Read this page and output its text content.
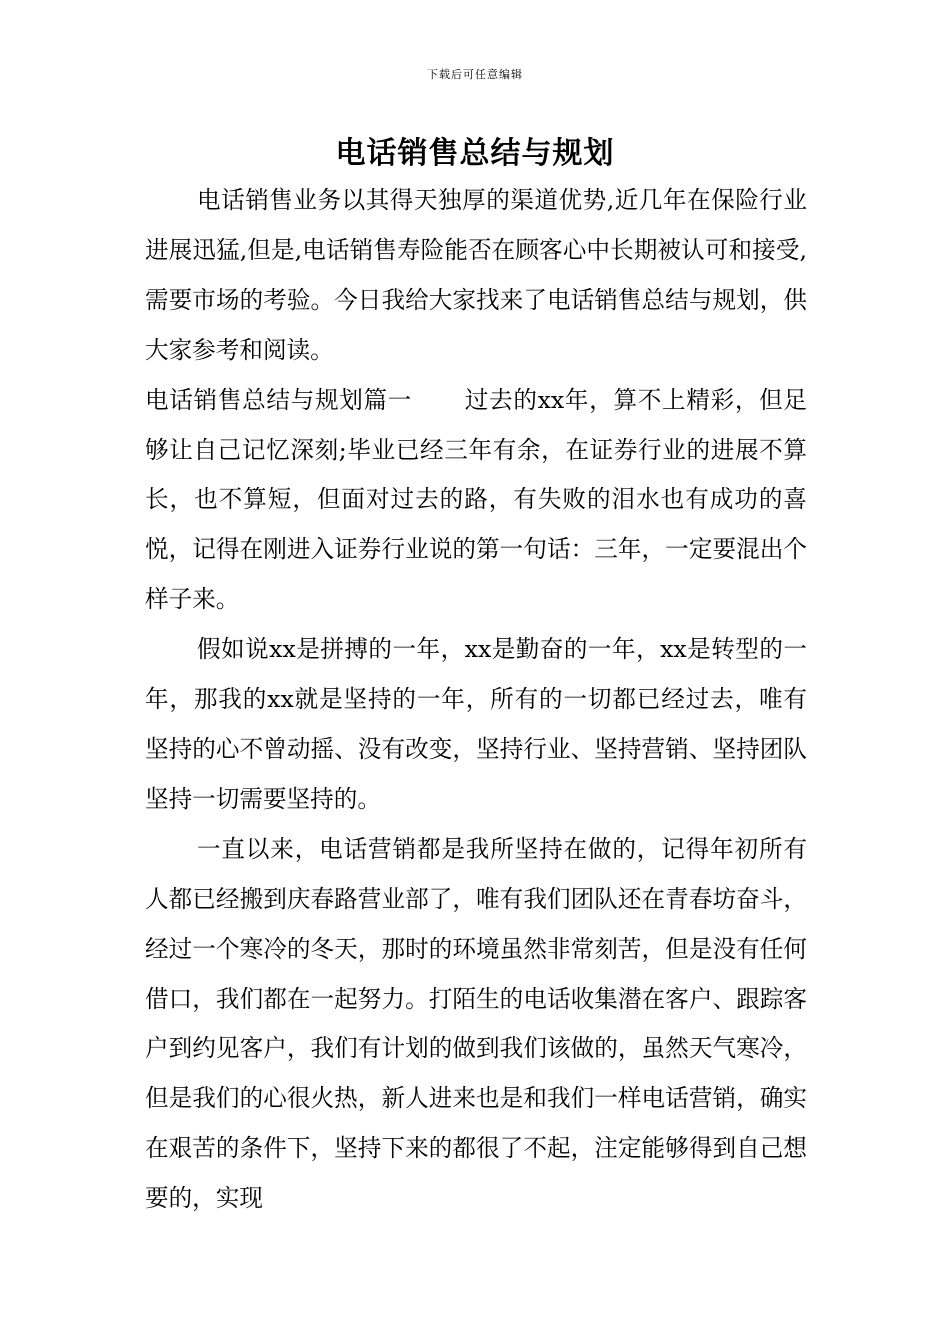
下载后可任意编辑
电话销售总结与规划

电话销售业务以其得天独厚的渠道优势,近几年在保险行业进展迅猛,但是,电话销售寿险能否在顾客心中长期被认可和接受,需要市场的考验。今日我给大家找来了电话销售总结与规划，供大家参考和阅读。

电话销售总结与规划篇一 过去的xx年，算不上精彩，但足够让自己记忆深刻;毕业已经三年有余，在证券行业的进展不算长，也不算短，但面对过去的路，有失败的泪水也有成功的喜悦，记得在刚进入证券行业说的第一句话：三年，一定要混出个样子来。

假如说xx是拼搏的一年，xx是勤奋的一年，xx是转型的一年，那我的xx就是坚持的一年，所有的一切都已经过去，唯有坚持的心不曾动摇、没有改变，坚持行业、坚持营销、坚持团队坚持一切需要坚持的。

一直以来，电话营销都是我所坚持在做的，记得年初所有人都已经搬到庆春路营业部了，唯有我们团队还在青春坊奋斗，经过一个寒冷的冬天，那时的环境虽然非常刻苦，但是没有任何借口，我们都在一起努力。打陌生的电话收集潜在客户、跟踪客户到约见客户，我们有计划的做到我们该做的，虽然天气寒冷，但是我们的心很火热，新人进来也是和我们一样电话营销，确实在艰苦的条件下，坚持下来的都很了不起，注定能够得到自己想要的，实现
